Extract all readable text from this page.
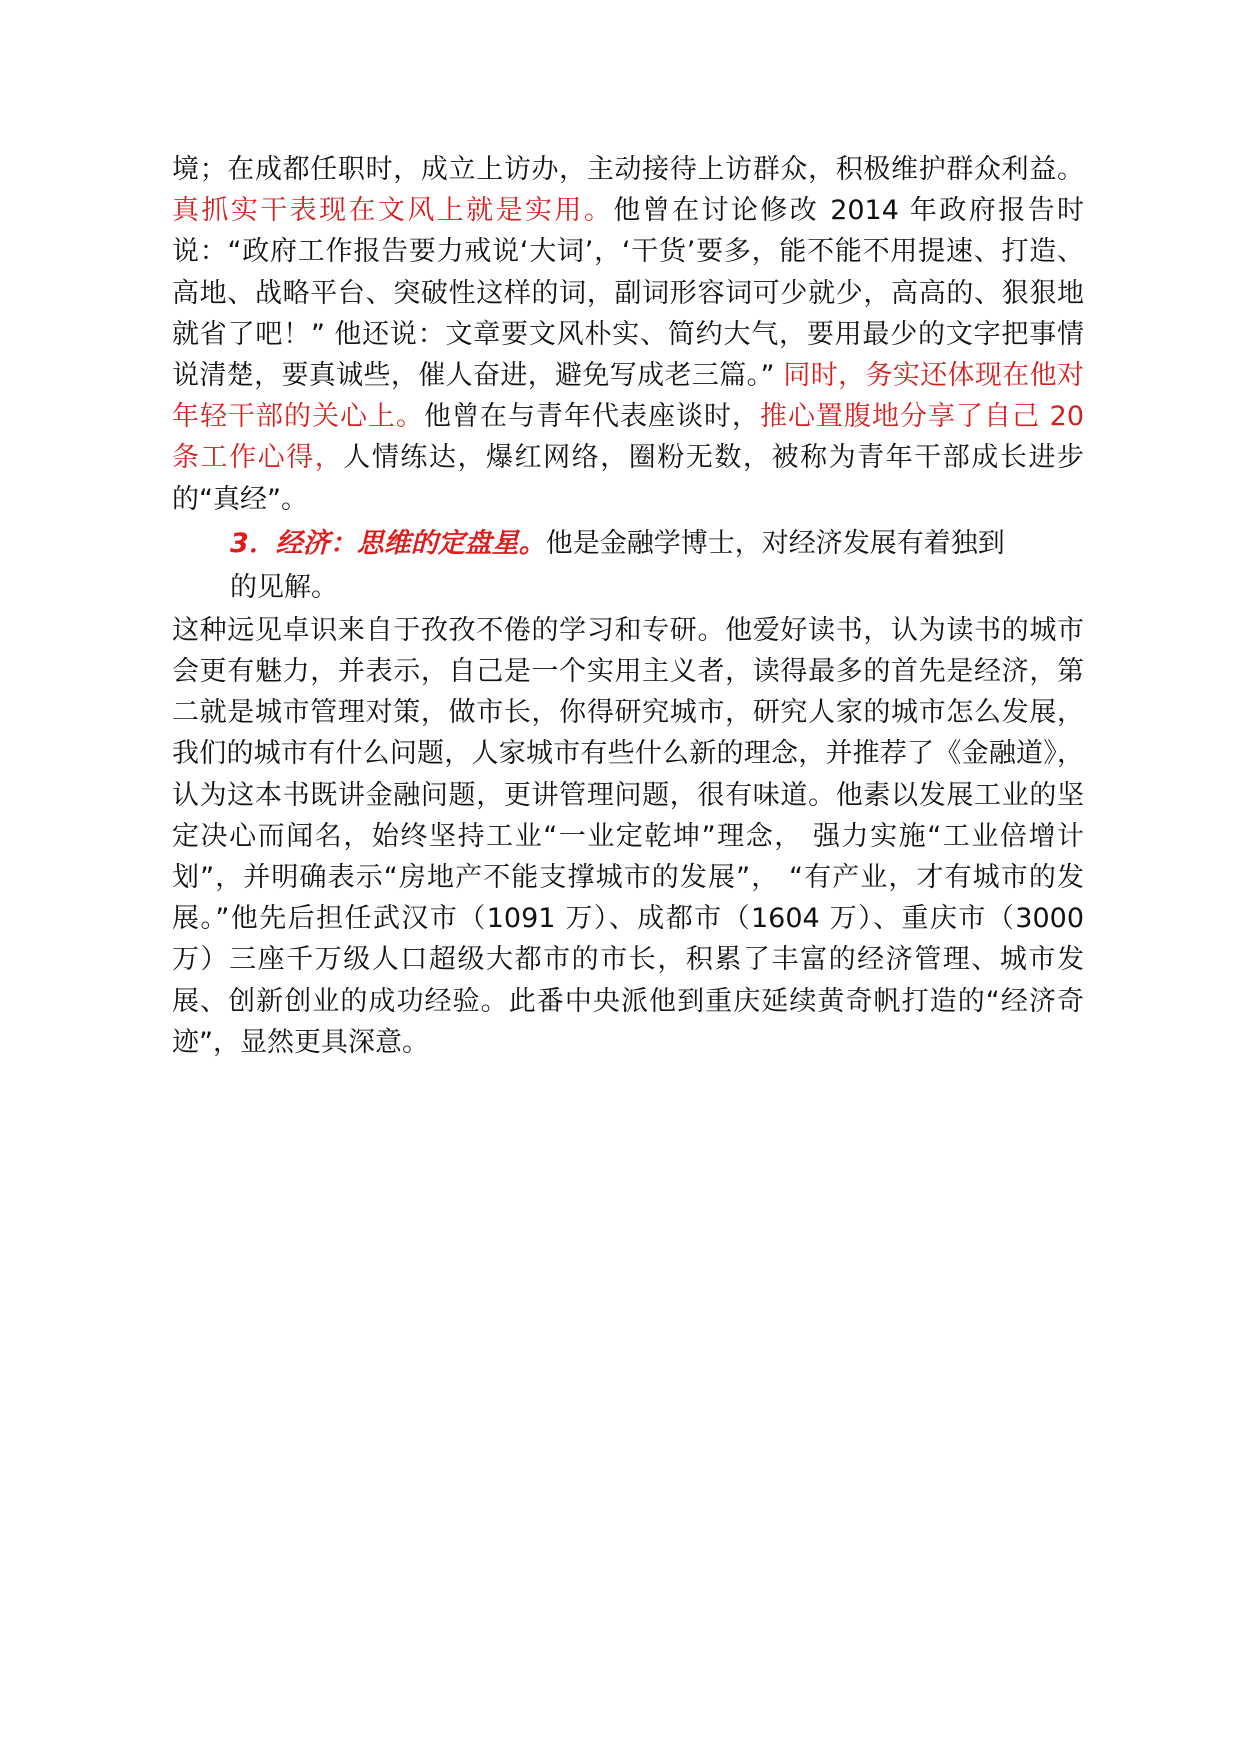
境；在成都任职时，成立上访办，主动接待上访群众，积极维护群众利益。真抓实干表现在文风上就是实用。他曾在讨论修改 2014 年政府报告时说：“政府工作报告要力戒说‘大词’，‘干货’要多，能不能不用提速、打造、高地、战略平台、突破性这样的词，副词形容词可少就少，高高的、狠狠地就省了吧！” 他还说：文章要文风朴实、简约大气，要用最少的文字把事情说清楚，要真诚些，催人奋进，避免写成老三篇。” 同时，务实还体现在他对年轻干部的关心上。他曾在与青年代表座谈时，推心置腹地分享了自己 20 条工作心得，人情练达，爆红网络，圈粉无数，被称为青年干部成长进步的“真经”。

3．经济：思维的定盘星。他是金融学博士，对经济发展有着独到

的见解。

这种远见卓识来自于孜孜不倦的学习和专研。他爱好读书，认为读书的城市会更有魅力，并表示，自己是一个实用主义者，读得最多的首先是经济，第二就是城市管理对策，做市长，你得研究城市，研究人家的城市怎么发展，我们的城市有什么问题，人家城市有些什么新的理念，并推荐了《金融道》，认为这本书既讲金融问题，更讲管理问题，很有味道。他素以发展工业的坚定决心而闻名，始终坚持工业“一业定乾坤”理念， 强力实施“工业倍增计划”，并明确表示“房地产不能支撑城市的发展”， “有产业，才有城市的发展。”他先后担任武汉市（1091 万）、成都市（1604 万）、重庆市（3000 万）三座千万级人口超级大都市的市长，积累了丰富的经济管理、城市发展、创新创业的成功经验。此番中央派他到重庆延续黄奇帆打造的“经济奇迹”，显然更具深意。
